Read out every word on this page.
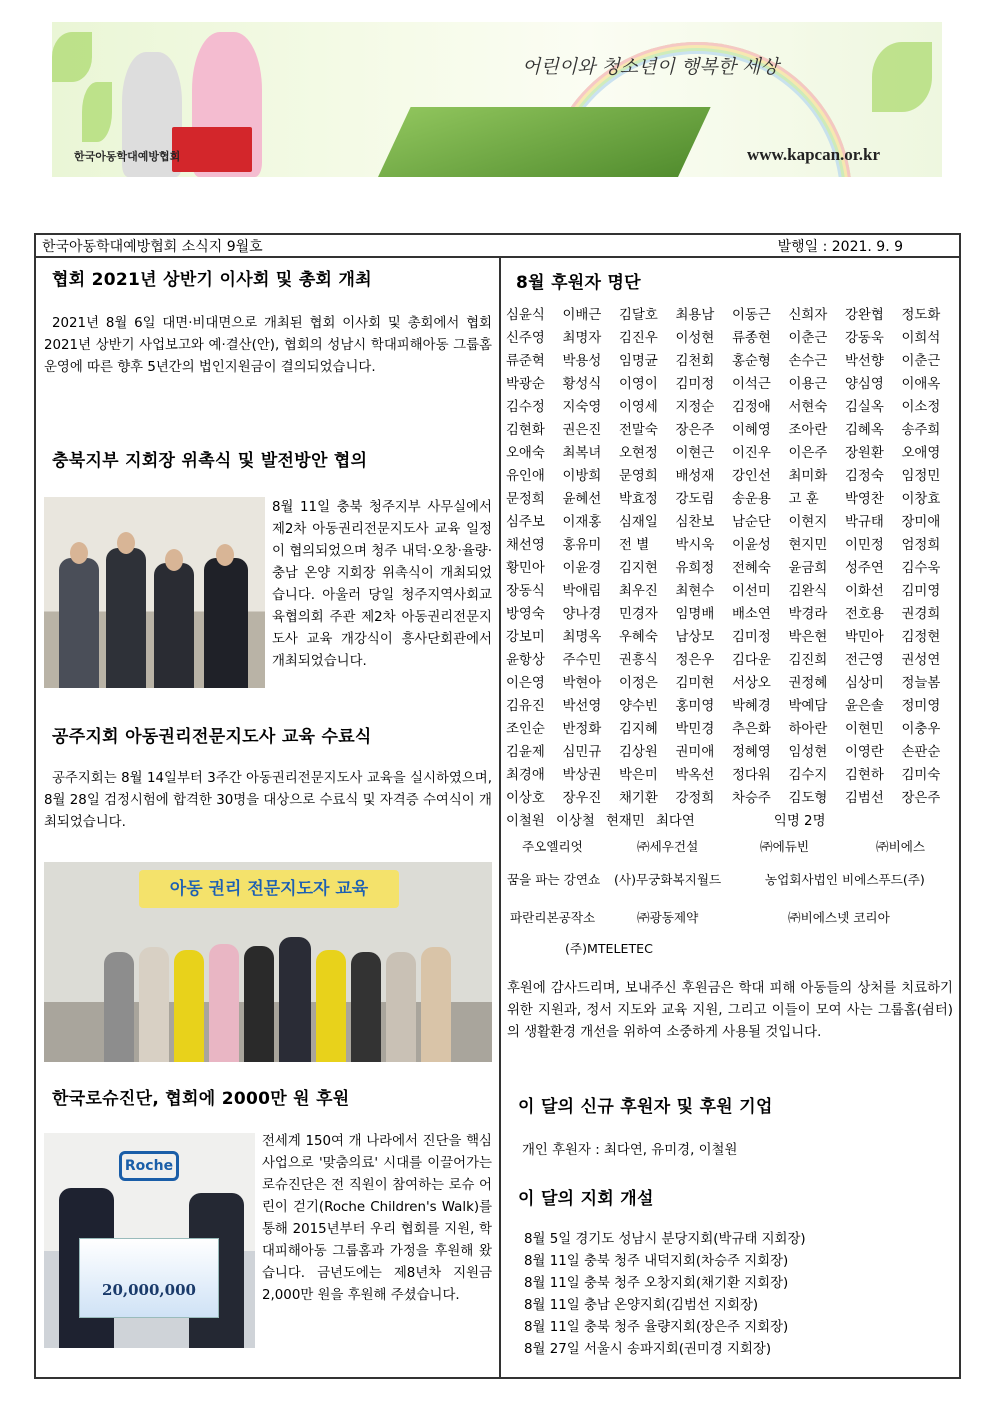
어린이와 청소년이 행복한 세상
www.kapcan.or.kr
한국아동학대예방협회
한국아동학대예방협회 소식지 9월호	발행일 : 2021. 9. 9
협회 2021년 상반기 이사회 및 총회 개최
2021년 8월 6일 대면·비대면으로 개최된 협회 이사회 및 총회에서 협회 2021년 상반기 사업보고와 예·결산(안), 협회의 성남시 학대피해아동 그룹홈 운영에 따른 향후 5년간의 법인지원금이 결의되었습니다.
충북지부 지회장 위촉식 및 발전방안 협의
8월 11일 충북 청주지부 사무실에서 제2차 아동권리전문지도사 교육 일정이 협의되었으며 청주 내덕·오창·율량·충남 온양 지회장 위촉식이 개최되었습니다. 아울러 당일 청주지역사회교육협의회 주관 제2차 아동권리전문지도사 교육 개강식이 흥사단회관에서 개최되었습니다.
공주지회 아동권리전문지도사 교육 수료식
공주지회는 8월 14일부터 3주간 아동권리전문지도사 교육을 실시하였으며, 8월 28일 검정시험에 합격한 30명을 대상으로 수료식 및 자격증 수여식이 개최되었습니다.
아동 권리 전문지도자 교육
한국로슈진단, 협회에 2000만 원 후원
Roche
20,000,000
전세계 150여 개 나라에서 진단을 핵심 사업으로 '맞춤의료' 시대를 이끌어가는 로슈진단은 전 직원이 참여하는 로슈 어린이 걷기(Roche Children's Walk)를 통해 2015년부터 우리 협회를 지원, 학대피해아동 그룹홈과 가정을 후원해 왔습니다. 금년도에는 제8년차 지원금 2,000만 원을 후원해 주셨습니다.
8월 후원자 명단
심윤식	이배근	김달호	최용남	이동근	신희자	강완협	정도화
신주영	최명자	김진우	이성현	류종현	이춘근	강동욱	이희석
류준혁	박용성	임명균	김천회	홍순형	손수근	박선향	이춘근
박광순	황성식	이영이	김미정	이석근	이용근	양심영	이애옥
김수정	지숙영	이영세	지정순	김정애	서현숙	김실옥	이소정
김현화	권은진	전말숙	장은주	이혜영	조아란	김혜옥	송주희
오애숙	최복녀	오현정	이현근	이진우	이은주	장원환	오애영
유인애	이방희	문영희	배성재	강인선	최미화	김정숙	임정민
문정희	윤혜선	박효정	강도림	송운용	고 훈	박영찬	이창효
심주보	이재홍	심재일	심찬보	남순단	이현지	박규태	장미애
채선영	홍유미	전 별	박시욱	이윤성	현지민	이민정	엄정희
황민아	이윤경	김지현	유희정	전혜숙	윤금희	성주연	김수욱
장동식	박애림	최우진	최현수	이선미	김완식	이화선	김미영
방영숙	양나경	민경자	임명배	배소연	박경라	전호용	권경희
강보미	최명옥	우혜숙	남상모	김미정	박은현	박민아	김정현
윤항상	주수민	권흥식	정은우	김다운	김진희	전근영	권성연
이은영	박현아	이정은	김미현	서상오	권정혜	심상미	정늘봄
김유진	박선영	양수빈	홍미영	박혜경	박예담	윤은솔	정미영
조인순	반정화	김지혜	박민경	추은화	하아란	이현민	이충우
김윤제	심민규	김상원	권미애	정혜영	임성현	이영란	손판순
최경애	박상권	박은미	박옥선	정다워	김수지	김현하	김미숙
이상호	장우진	채기환	강정희	차승주	김도형	김범선	장은주
이철원 이상철 현재민 최다연	익명 2명
주오엘리엇	㈜세우건설	㈜에듀빈	㈜비에스
꿈을 파는 강연쇼 (사)무궁화복지월드	농업회사법인 비에스푸드(주)
파란리본공작소	㈜광동제약	㈜비에스넷 코리아
(주)MTELETEC
후원에 감사드리며, 보내주신 후원금은 학대 피해 아동들의 상처를 치료하기 위한 지원과, 정서 지도와 교육 지원, 그리고 이들이 모여 사는 그룹홈(쉼터)의 생활환경 개선을 위하여 소중하게 사용될 것입니다.
이 달의 신규 후원자 및 후원 기업
개인 후원자 : 최다연, 유미경, 이철원
이 달의 지회 개설
8월 5일 경기도 성남시 분당지회(박규태 지회장)
8월 11일 충북 청주 내덕지회(차승주 지회장)
8월 11일 충북 청주 오창지회(채기환 지회장)
8월 11일 충남 온양지회(김범선 지회장)
8월 11일 충북 청주 율량지회(장은주 지회장)
8월 27일 서울시 송파지회(권미경 지회장)
